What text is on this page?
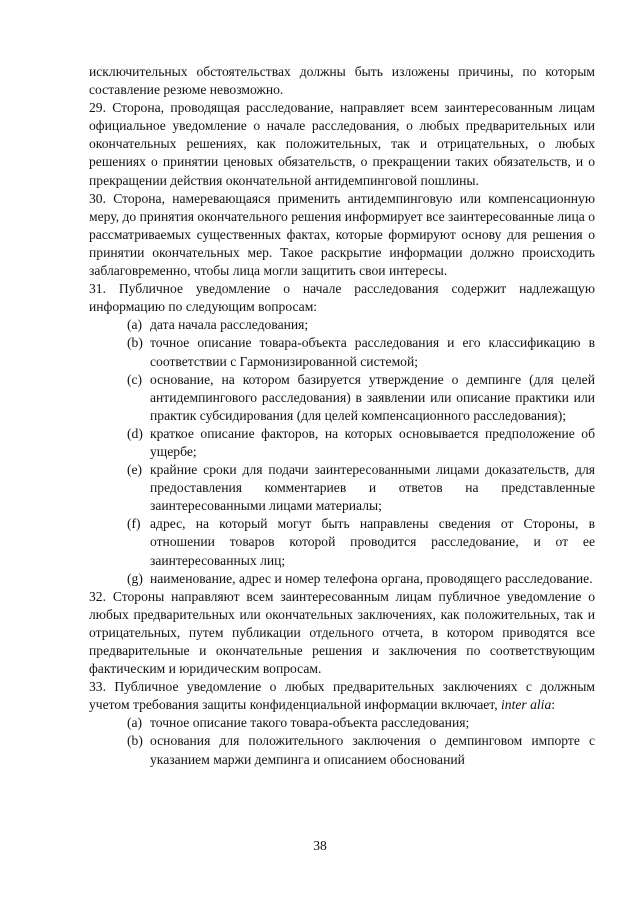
исключительных обстоятельствах должны быть изложены причины, по которым составление резюме невозможно.

29. Сторона, проводящая расследование, направляет всем заинтересованным лицам официальное уведомление о начале расследования, о любых предварительных или окончательных решениях, как положительных, так и отрицательных, о любых решениях о принятии ценовых обязательств, о прекращении таких обязательств, и о прекращении действия окончательной антидемпинговой пошлины.

30. Сторона, намеревающаяся применить антидемпинговую или компенсационную меру, до принятия окончательного решения информирует все заинтересованные лица о рассматриваемых существенных фактах, которые формируют основу для решения о принятии окончательных мер. Такое раскрытие информации должно происходить заблаговременно, чтобы лица могли защитить свои интересы.

31. Публичное уведомление о начале расследования содержит надлежащую информацию по следующим вопросам:

(a) дата начала расследования;
(b) точное описание товара-объекта расследования и его классификацию в соответствии с Гармонизированной системой;
(c) основание, на котором базируется утверждение о демпинге (для целей антидемпингового расследования) в заявлении или описание практики или практик субсидирования (для целей компенсационного расследования);
(d) краткое описание факторов, на которых основывается предположение об ущербе;
(e) крайние сроки для подачи заинтересованными лицами доказательств, для предоставления комментариев и ответов на представленные заинтересованными лицами материалы;
(f) адрес, на который могут быть направлены сведения от Стороны, в отношении товаров которой проводится расследование, и от ее заинтересованных лиц;
(g) наименование, адрес и номер телефона органа, проводящего расследование.

32. Стороны направляют всем заинтересованным лицам публичное уведомление о любых предварительных или окончательных заключениях, как положительных, так и отрицательных, путем публикации отдельного отчета, в котором приводятся все предварительные и окончательные решения и заключения по соответствующим фактическим и юридическим вопросам.

33. Публичное уведомление о любых предварительных заключениях с должным учетом требования защиты конфиденциальной информации включает, inter alia:

(a) точное описание такого товара-объекта расследования;
(b) основания для положительного заключения о демпинговом импорте с указанием маржи демпинга и описанием обоснований
38
